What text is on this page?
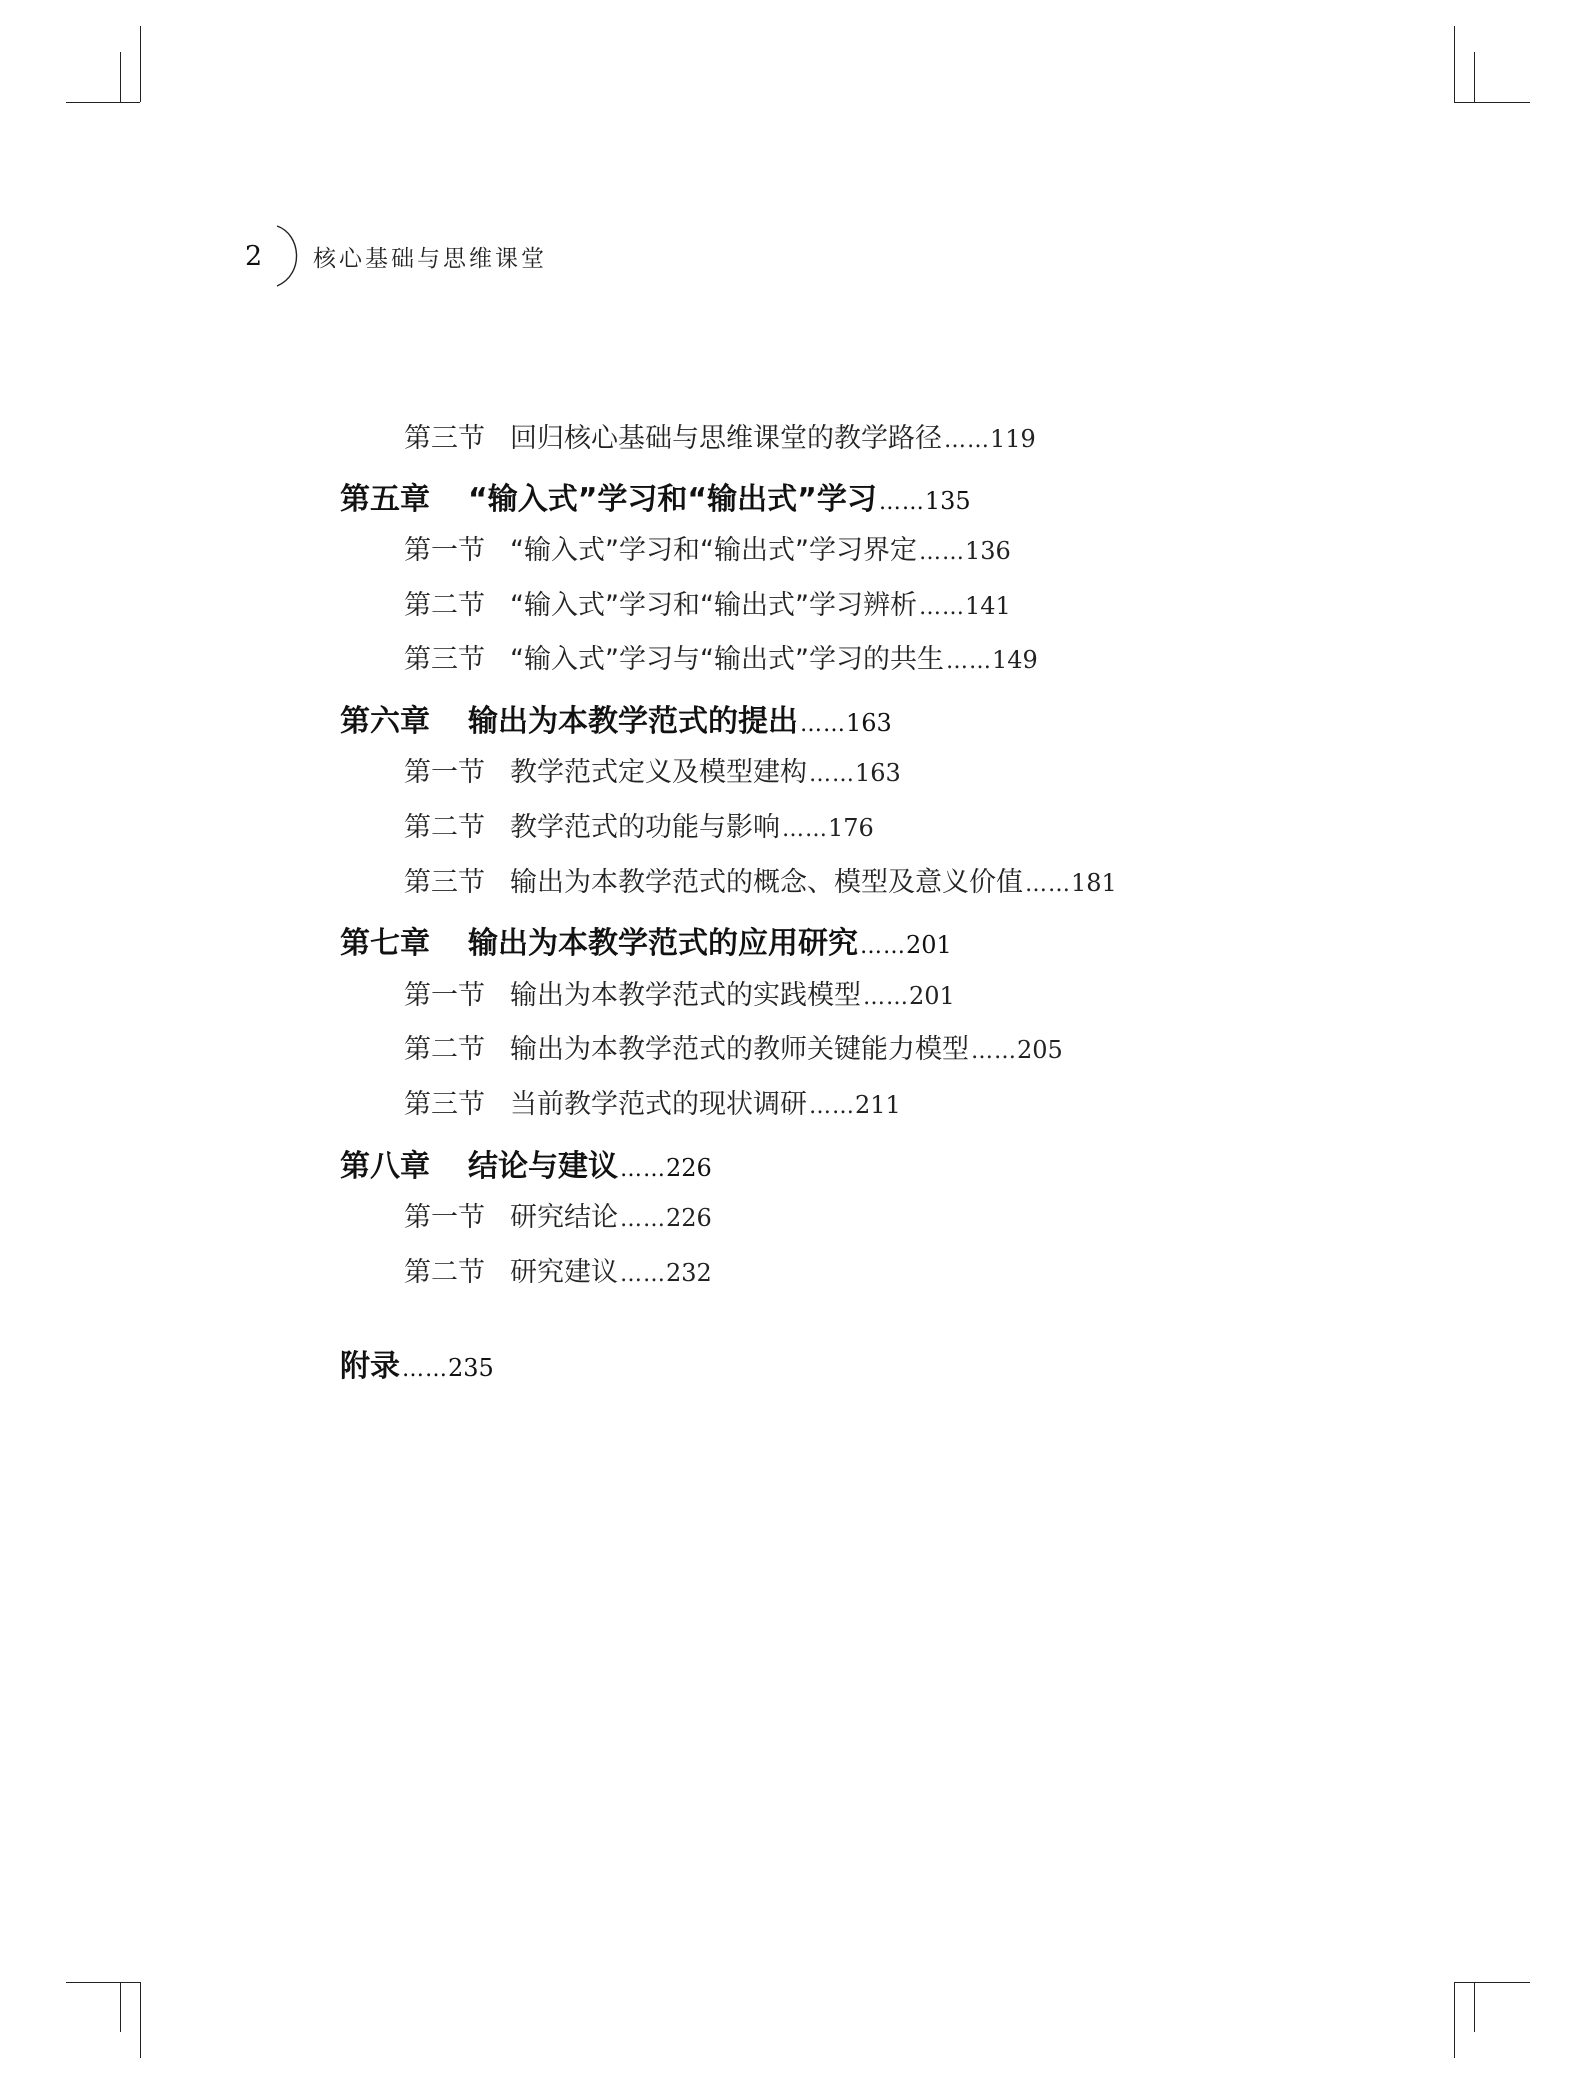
2	核心基础与思维课堂
第三节 回归核心基础与思维课堂的教学路径 …… 119
第五章	“输入式”学习和“输出式”学习 …… 135
第一节 “输入式”学习和“输出式”学习界定 …… 136
第二节 “输入式”学习和“输出式”学习辨析 …… 141
第三节 “输入式”学习与“输出式”学习的共生 …… 149
第六章	输出为本教学范式的提出 …… 163
第一节 教学范式定义及模型建构 …… 163
第二节 教学范式的功能与影响 …… 176
第三节 输出为本教学范式的概念、模型及意义价值 …… 181
第七章	输出为本教学范式的应用研究 …… 201
第一节 输出为本教学范式的实践模型 …… 201
第二节 输出为本教学范式的教师关键能力模型 …… 205
第三节 当前教学范式的现状调研 …… 211
第八章	结论与建议 …… 226
第一节 研究结论 …… 226
第二节 研究建议 …… 232
附录 …… 235
